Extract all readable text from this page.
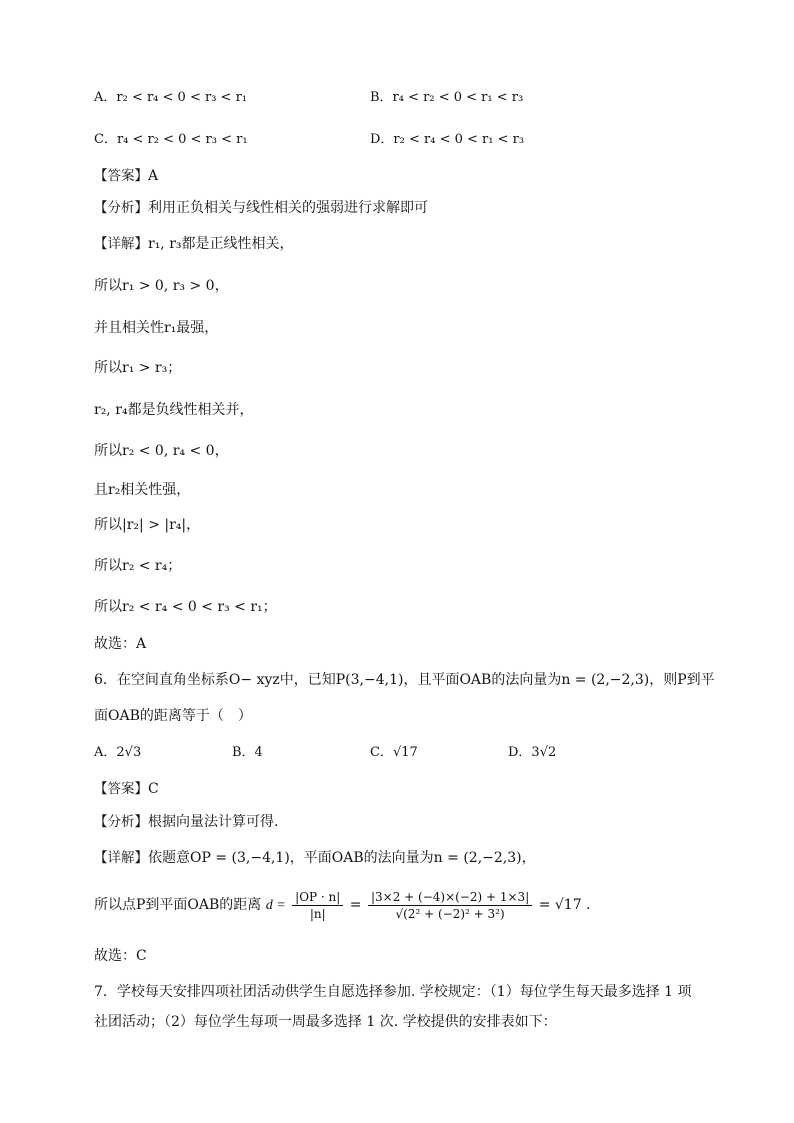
A．r₂ < r₄ < 0 < r₃ < r₁	B．r₄ < r₂ < 0 < r₁ < r₃
C．r₄ < r₂ < 0 < r₃ < r₁	D．r₂ < r₄ < 0 < r₁ < r₃
【答案】A
【分析】利用正负相关与线性相关的强弱进行求解即可
【详解】r₁, r₃都是正线性相关，
所以r₁ > 0, r₃ > 0，
并且相关性r₁最强，
所以r₁ > r₃；
r₂, r₄都是负线性相关并，
所以r₂ < 0, r₄ < 0，
且r₂相关性强，
所以|r₂| > |r₄|，
所以r₂ < r₄；
所以r₂ < r₄ < 0 < r₃ < r₁；
故选：A
6．在空间直角坐标系O− xyz中，已知P(3,−4,1)，且平面OAB的法向量为n = (2,−2,3)，则P到平
面OAB的距离等于（　）
A．2√3	B．4	C．√17	D．3√2
【答案】C
【分析】根据向量法计算可得.
【详解】依题意OP = (3,−4,1)，平面OAB的法向量为n = (2,−2,3)，
所以点P到平面OAB的距离 $d = \frac{|OP \cdot n|}{|n|} = \frac{|3\times 2 + (-4)\times(-2) + 1\times 3|}{\text{√(2² + (−2)² + 3²)}} = √17$ .
故选：C
7．学校每天安排四项社团活动供学生自愿选择参加. 学校规定：（1）每位学生每天最多选择 1 项
社团活动；（2）每位学生每项一周最多选择 1 次. 学校提供的安排表如下：
